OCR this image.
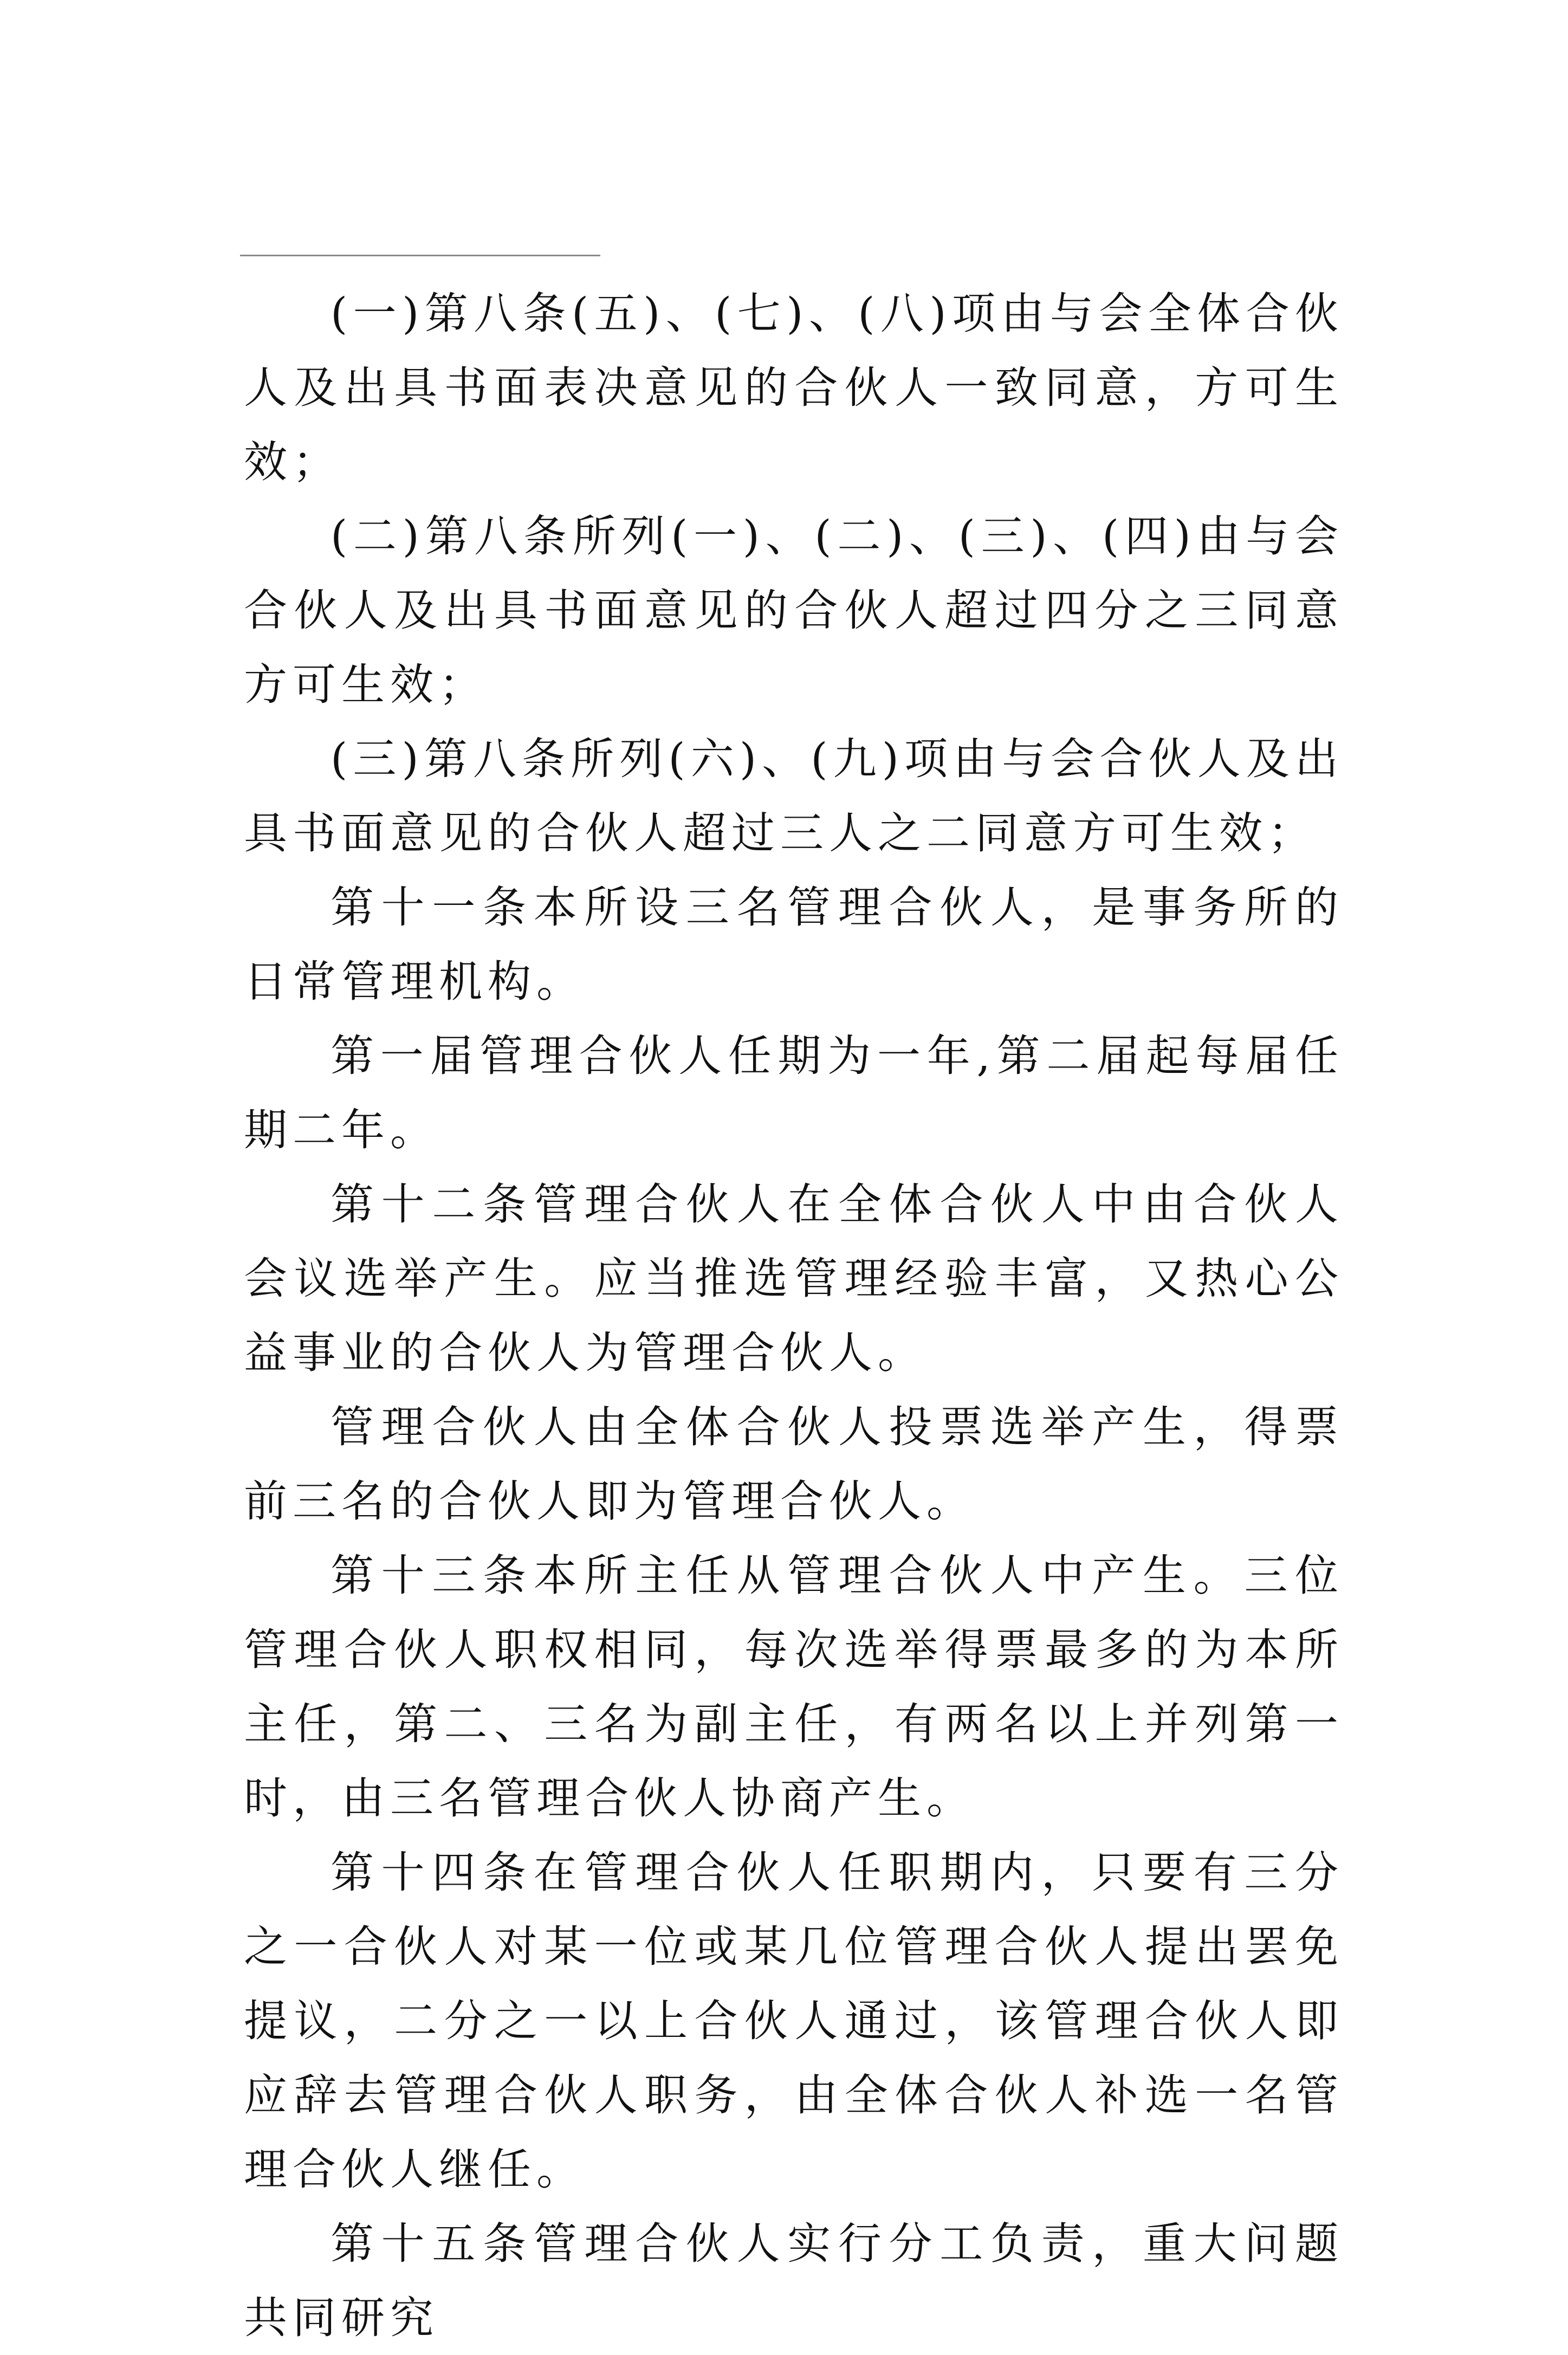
(一)第八条(五)、(七)、(八)项由与会全体合伙人及出具书面表决意见的合伙人一致同意，方可生效；

(二)第八条所列(一)、(二)、(三)、(四)由与会合伙人及出具书面意见的合伙人超过四分之三同意方可生效；

(三)第八条所列(六)、(九)项由与会合伙人及出具书面意见的合伙人超过三人之二同意方可生效；

第十一条本所设三名管理合伙人，是事务所的日常管理机构。

第一届管理合伙人任期为一年,第二届起每届任期二年。

第十二条管理合伙人在全体合伙人中由合伙人会议选举产生。应当推选管理经验丰富，又热心公益事业的合伙人为管理合伙人。

管理合伙人由全体合伙人投票选举产生，得票前三名的合伙人即为管理合伙人。

第十三条本所主任从管理合伙人中产生。三位管理合伙人职权相同，每次选举得票最多的为本所主任，第二、三名为副主任，有两名以上并列第一时，由三名管理合伙人协商产生。

第十四条在管理合伙人任职期内，只要有三分之一合伙人对某一位或某几位管理合伙人提出罢免提议，二分之一以上合伙人通过，该管理合伙人即应辞去管理合伙人职务，由全体合伙人补选一名管理合伙人继任。

第十五条管理合伙人实行分工负责，重大问题共同研究
